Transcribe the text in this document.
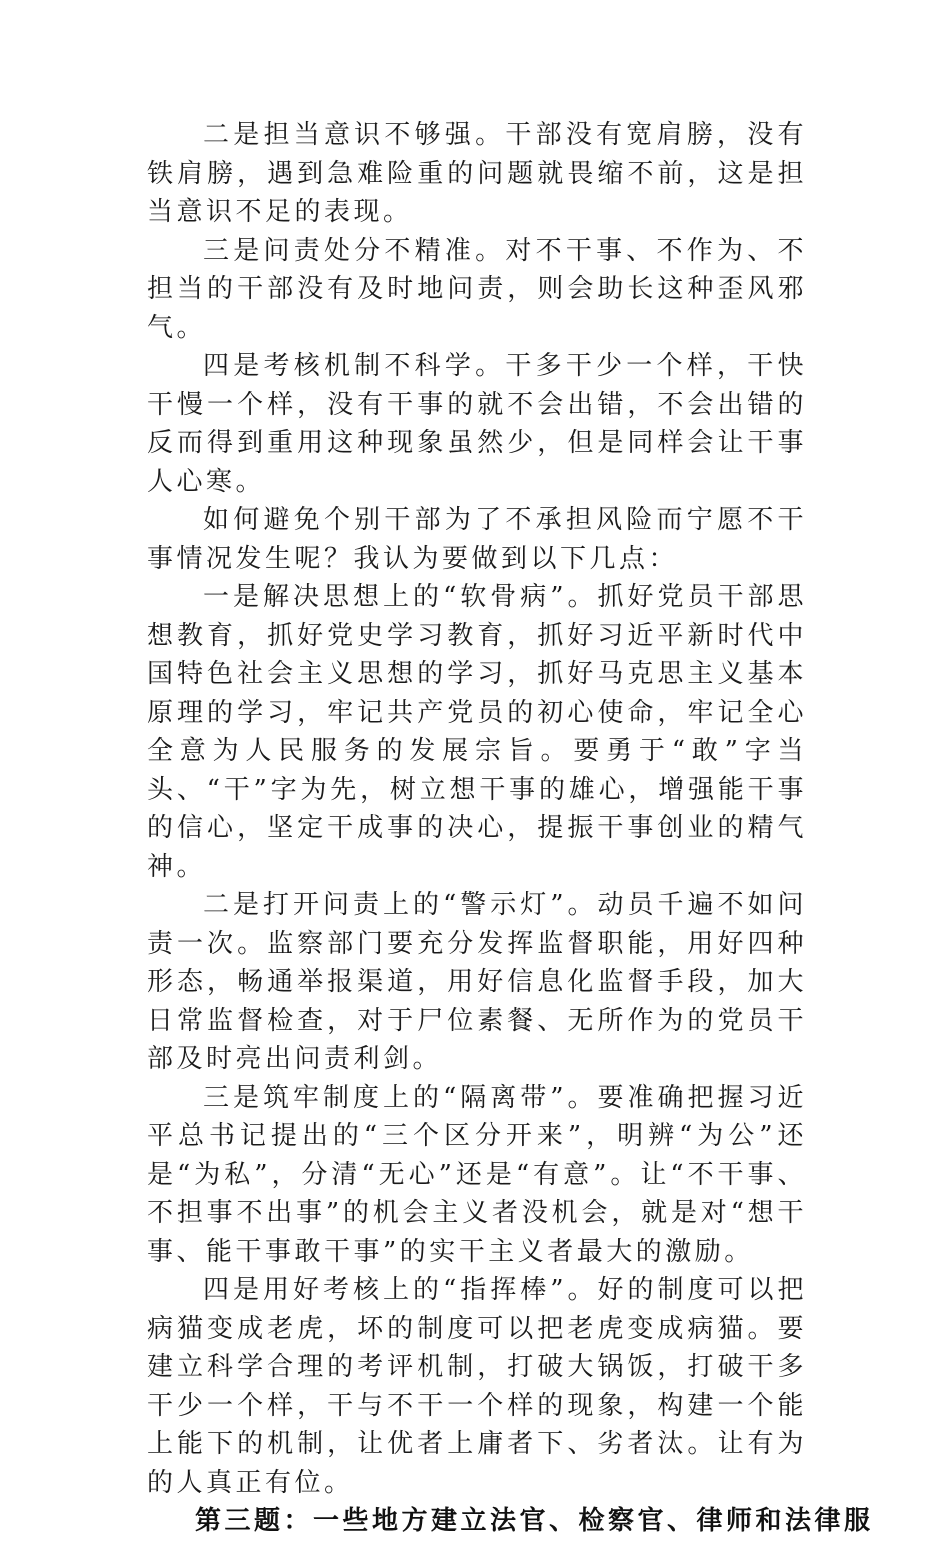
二是担当意识不够强。干部没有宽肩膀，没有铁肩膀，遇到急难险重的问题就畏缩不前，这是担当意识不足的表现。

三是问责处分不精准。对不干事、不作为、不担当的干部没有及时地问责，则会助长这种歪风邪气。

四是考核机制不科学。干多干少一个样，干快干慢一个样，没有干事的就不会出错，不会出错的反而得到重用这种现象虽然少，但是同样会让干事人心寒。

如何避免个别干部为了不承担风险而宁愿不干事情况发生呢？我认为要做到以下几点：

一是解决思想上的“软骨病”。抓好党员干部思想教育，抓好党史学习教育，抓好习近平新时代中国特色社会主义思想的学习，抓好马克思主义基本原理的学习，牢记共产党员的初心使命，牢记全心全意为人民服务的发展宗旨。要勇于“敢”字当头、“干”字为先，树立想干事的雄心，增强能干事的信心，坚定干成事的决心，提振干事创业的精气神。

二是打开问责上的“警示灯”。动员千遍不如问责一次。监察部门要充分发挥监督职能，用好四种形态，畅通举报渠道，用好信息化监督手段，加大日常监督检查，对于尸位素餐、无所作为的党员干部及时亮出问责利剑。

三是筑牢制度上的“隔离带”。要准确把握习近平总书记提出的“三个区分开来”，明辨“为公”还是“为私”，分清“无心”还是“有意”。让“不干事、不担事不出事”的机会主义者没机会，就是对“想干事、能干事敢干事”的实干主义者最大的激励。

四是用好考核上的“指挥棒”。好的制度可以把病猫变成老虎，坏的制度可以把老虎变成病猫。要建立科学合理的考评机制，打破大锅饭，打破干多干少一个样，干与不干一个样的现象，构建一个能上能下的机制，让优者上庸者下、劣者汰。让有为的人真正有位。

第三题：一些地方建立法官、检察官、律师和法律服
